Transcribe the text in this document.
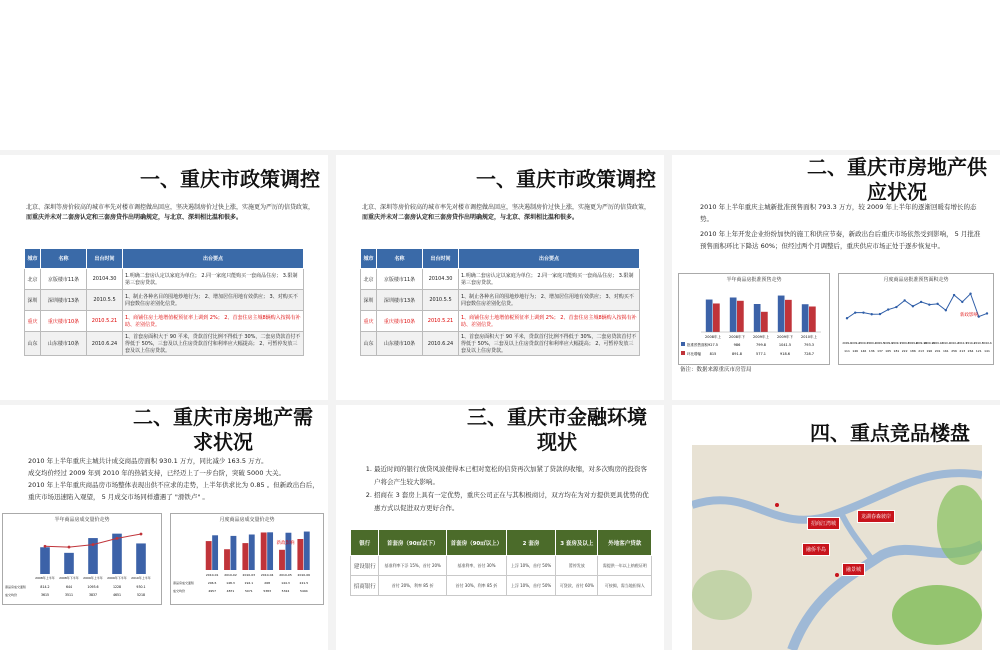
一、重庆市政策调控
北京、深圳等房价较高的城市率先对楼市调控做出回应，坚决遏制房价过快上涨，实施更为严厉的信贷政策，而重庆并未对二套房认定和三套房贷作出明确规定，与北京、深圳相比温和很多。
城市	名称	出台时间	出台要点
北京	京版楼市11条	20104.30	1.明确二套房认定以家庭为单位； 2.同一家庭只能购买一套商品住房； 3.限制第三套房贷款。
深圳	深圳楼市13条	2010.5.5	1、制止各种名目的囤地炒地行为； 2、增加居住用地有效供应； 3、对购买不同套数住房差别化信贷。
重庆	重庆楼市10条	2010.5.21	1、商铺住房土地增值税预征率上调到 2%； 2、首套住房主城8辆购入按揭有补助、差别信贷。
山东	山东楼市10条	2010.6.24	1、首套房面积大于 90 平米，贷款首付比例不得低于 30%，二套房贷款首付不得低于 50%，三套及以上住房贷款首付和利率应大幅提高； 2、可暂停发放三套及以上住房贷款。
一、重庆市政策调控
北京、深圳等房价较高的城市率先对楼市调控做出回应，坚决遏制房价过快上涨，实施更为严厉的信贷政策，而重庆并未对二套房认定和三套房贷作出明确规定，与北京、深圳相比温和很多。
城市	名称	出台时间	出台要点
北京	京版楼市11条	20104.30	1.明确二套房认定以家庭为单位； 2.同一家庭只能购买一套商品住房； 3.限制第三套房贷款。
深圳	深圳楼市13条	2010.5.5	1、制止各种名目的囤地炒地行为； 2、增加居住用地有效供应； 3、对购买不同套数住房差别化信贷。
重庆	重庆楼市10条	2010.5.21	1、商铺住房土地增值税预征率上调到 2%； 2、首套住房主城8辆购入按揭有补助、差别信贷。
山东	山东楼市10条	2010.6.24	1、首套房面积大于 90 平米，贷款首付比例不得低于 30%，二套房贷款首付不得低于 50%，三套及以上住房贷款首付和利率应大幅提高； 2、可暂停发放三套及以上住房贷款。
二、重庆市房地产供应状况
2010 年上半年重庆主城新批准预售面积 793.3 万方，较 2009 年上半年的逐渐回暖有增长的态势。
2010 年上年开发企业纷纷加快的施工和供应节奏，新政出台后重庆市场依然受到影响， 5 月批准预售面积环比下降达 60%；但经过两个月调整后，重庆供应市场正处于逐步恢复中。
半年商品房批准预售走势
2008年上 2008年下 2009年上 2009年下 2010年上
批准预售面积 927.5	986	799.8	1041.5	793.3
环比增幅 815	891.8	577.1	918.6	728.7
月度商品房批准预售面积走势
111 146 146 136 137 165 181 222 186 213 196 201 161 256 213 264 121 141
2009-1 2009-2 2009-3 2009-4 2009-5 2009-6 2009-7 2009-8 2009-9
2009-10
2009-11
2009-12
2010-1 2010-2 2010-3 2010-4 2010-5 2010-6
新政影响
备注：数据来源重庆市房管局
二、重庆市房地产需求状况
2010 年上半年重庆主城共计成交商品房面积 930.1 万方，同比减少 163.5 万方。
成交均价经过 2009 年到 2010 年的热销支持，已经迈上了一步台阶，突破 5000 大关。
2010 年上半年重庆商品房市场整体表现出供不应求的走势，上半年供求比为 0.85 。但新政出台后，重庆市场迅速陷入观望， 5 月成交市场同样遭遇了 "滑铁卢" 。
半年商品房成交量价走势
2008年上半年
814.2
3615
2008年下半年
644
3511
2009年上半年
1093.6
3837
2009年下半年
1228
4651
2010年上半年
930.1
5218
商品房成交面积
成交均价
月度商品房成交量价走势
2010-01
206.5
4957
2010-02
148.3
4871
2010-03
192.1
5071
2010-04
268
5383
2010-05
144.3
5324
2010-06
221.5
5494
商品房成交面积
成交均价
新政影响
三、重庆市金融环境现状
1. 最近时间的银行放贷风波使得本已相对宽松的信贷再次加紧了贷款的收缩，对多次购房的投资客户将会产生较大影响。
2. 招商在 3 套房上具有一定优势，重庆公司正在与其积极商讨，双方均在为对方提供更具优势的优惠方式以促进双方更好合作。
银行	首套房（90㎡以下）	首套房（90㎡以上）	2 套房	3 套房及以上	外地客户贷款
建设银行	基准利率下浮 15%，首付 20%	基准利率，首付 30%	上浮 10%，首付 50%	暂停发放	需提供一年以上纳税证明
招商银行	首付 20%，利率 85 折	首付 30%，利率 85 折	上浮 10%，首付 50%	可贷款，首付 60%	可按揭，需当地担保人
四、重点竞品楼盘
招商江湾城
龙湖春森彼岸
融侨半岛
融景城
